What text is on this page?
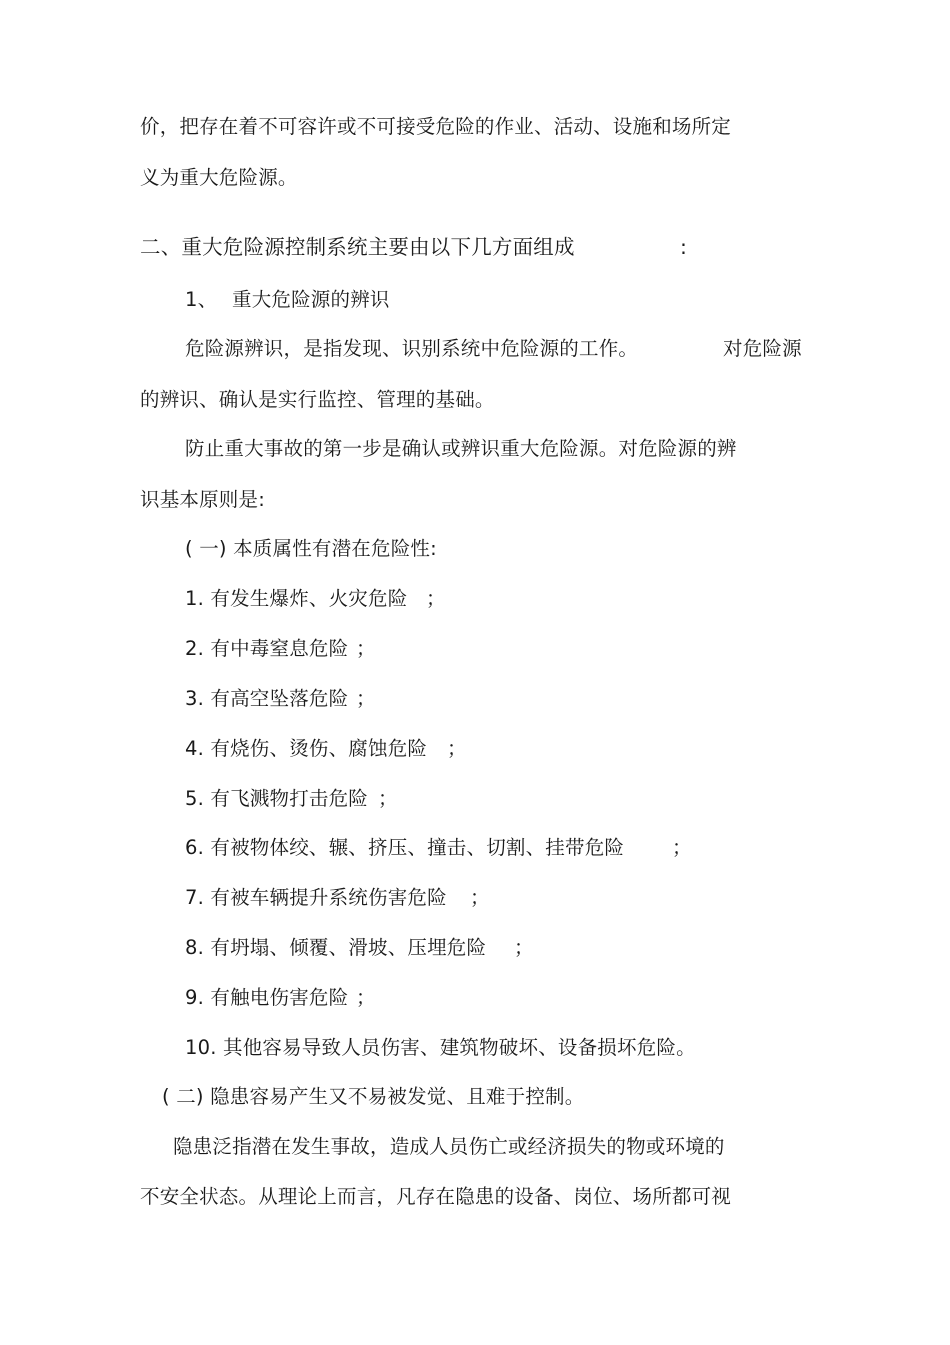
价，把存在着不可容许或不可接受危险的作业、活动、设施和场所定
义为重大危险源。
二、重大危险源控制系统主要由以下几方面组成	:
1、 重大危险源的辨识
危险源辨识，是指发现、识别系统中危险源的工作。	对危险源
的辨识、确认是实行监控、管理的基础。
防止重大事故的第一步是确认或辨识重大危险源。对危险源的辨
识基本原则是:
( 一) 本质属性有潜在危险性:
1. 有发生爆炸、火灾危险 ；
2. 有中毒窒息危险 ；
3. 有高空坠落危险 ；
4. 有烧伤、烫伤、腐蚀危险 ；
5. 有飞溅物打击危险 ；
6. 有被物体绞、辗、挤压、撞击、切割、挂带危险 ；
7. 有被车辆提升系统伤害危险 ；
8. 有坍塌、倾覆、滑坡、压埋危险 ；
9. 有触电伤害危险 ；
10. 其他容易导致人员伤害、建筑物破坏、设备损坏危险。
( 二) 隐患容易产生又不易被发觉、且难于控制。
隐患泛指潜在发生事故，造成人员伤亡或经济损失的物或环境的
不安全状态。从理论上而言，凡存在隐患的设备、岗位、场所都可视
